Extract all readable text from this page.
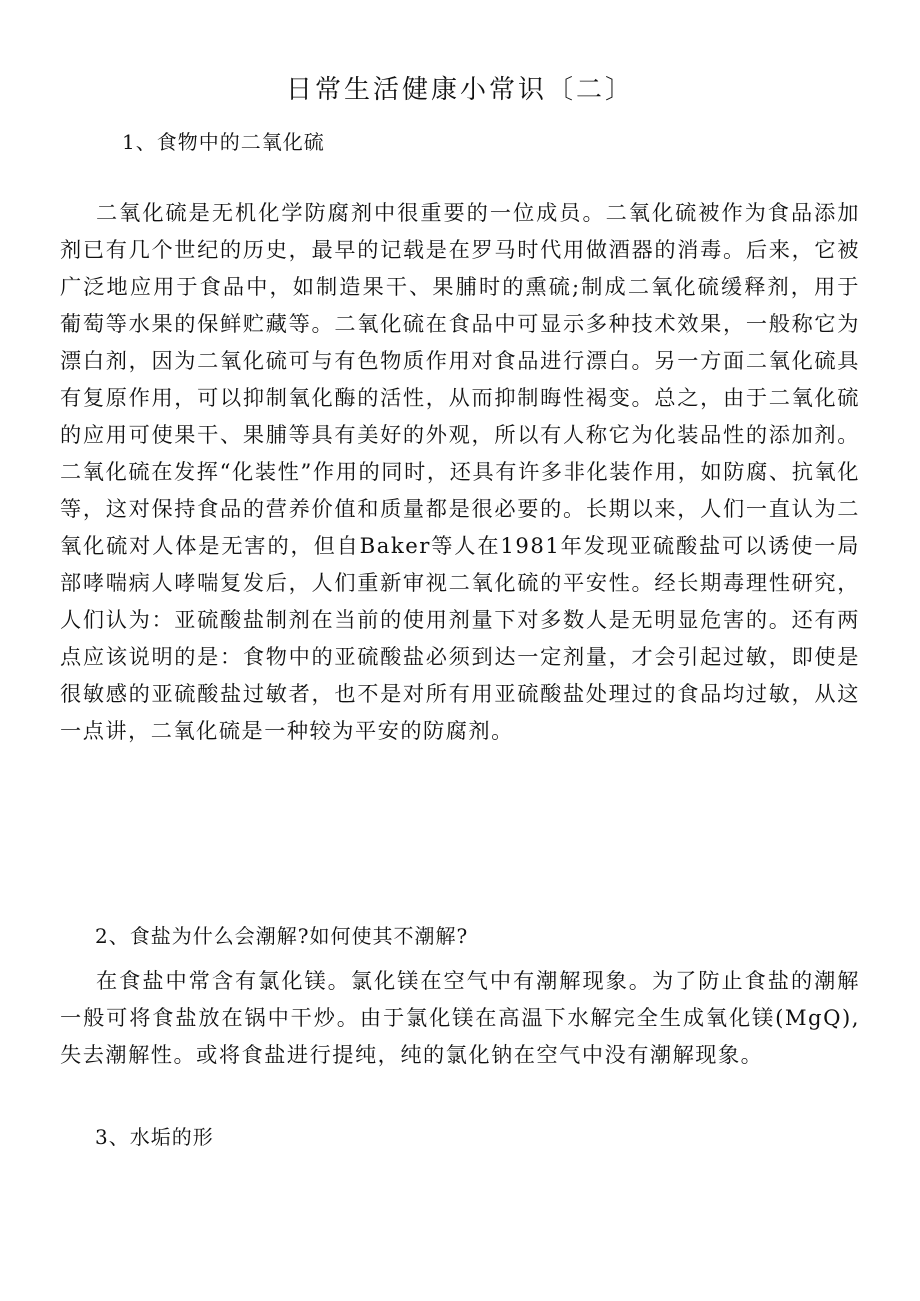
日常生活健康小常识〔二〕
1、食物中的二氧化硫
二氧化硫是无机化学防腐剂中很重要的一位成员。二氧化硫被作为食品添加剂已有几个世纪的历史，最早的记载是在罗马时代用做酒器的消毒。后来，它被广泛地应用于食品中，如制造果干、果脯时的熏硫;制成二氧化硫缓释剂，用于葡萄等水果的保鲜贮藏等。二氧化硫在食品中可显示多种技术效果，一般称它为漂白剂，因为二氧化硫可与有色物质作用对食品进行漂白。另一方面二氧化硫具有复原作用，可以抑制氧化酶的活性，从而抑制晦性褐变。总之，由于二氧化硫的应用可使果干、果脯等具有美好的外观，所以有人称它为化装品性的添加剂。二氧化硫在发挥“化装性”作用的同时，还具有许多非化装作用，如防腐、抗氧化等，这对保持食品的营养价值和质量都是很必要的。长期以来，人们一直认为二氧化硫对人体是无害的，但自Baker等人在1981年发现亚硫酸盐可以诱使一局部哮喘病人哮喘复发后，人们重新审视二氧化硫的平安性。经长期毒理性研究，人们认为：亚硫酸盐制剂在当前的使用剂量下对多数人是无明显危害的。还有两点应该说明的是：食物中的亚硫酸盐必须到达一定剂量，才会引起过敏，即使是很敏感的亚硫酸盐过敏者，也不是对所有用亚硫酸盐处理过的食品均过敏，从这一点讲，二氧化硫是一种较为平安的防腐剂。
2、食盐为什么会潮解?如何使其不潮解?
在食盐中常含有氯化镁。氯化镁在空气中有潮解现象。为了防止食盐的潮解一般可将食盐放在锅中干炒。由于氯化镁在高温下水解完全生成氧化镁(MgQ),失去潮解性。或将食盐进行提纯，纯的氯化钠在空气中没有潮解现象。
3、水垢的形
